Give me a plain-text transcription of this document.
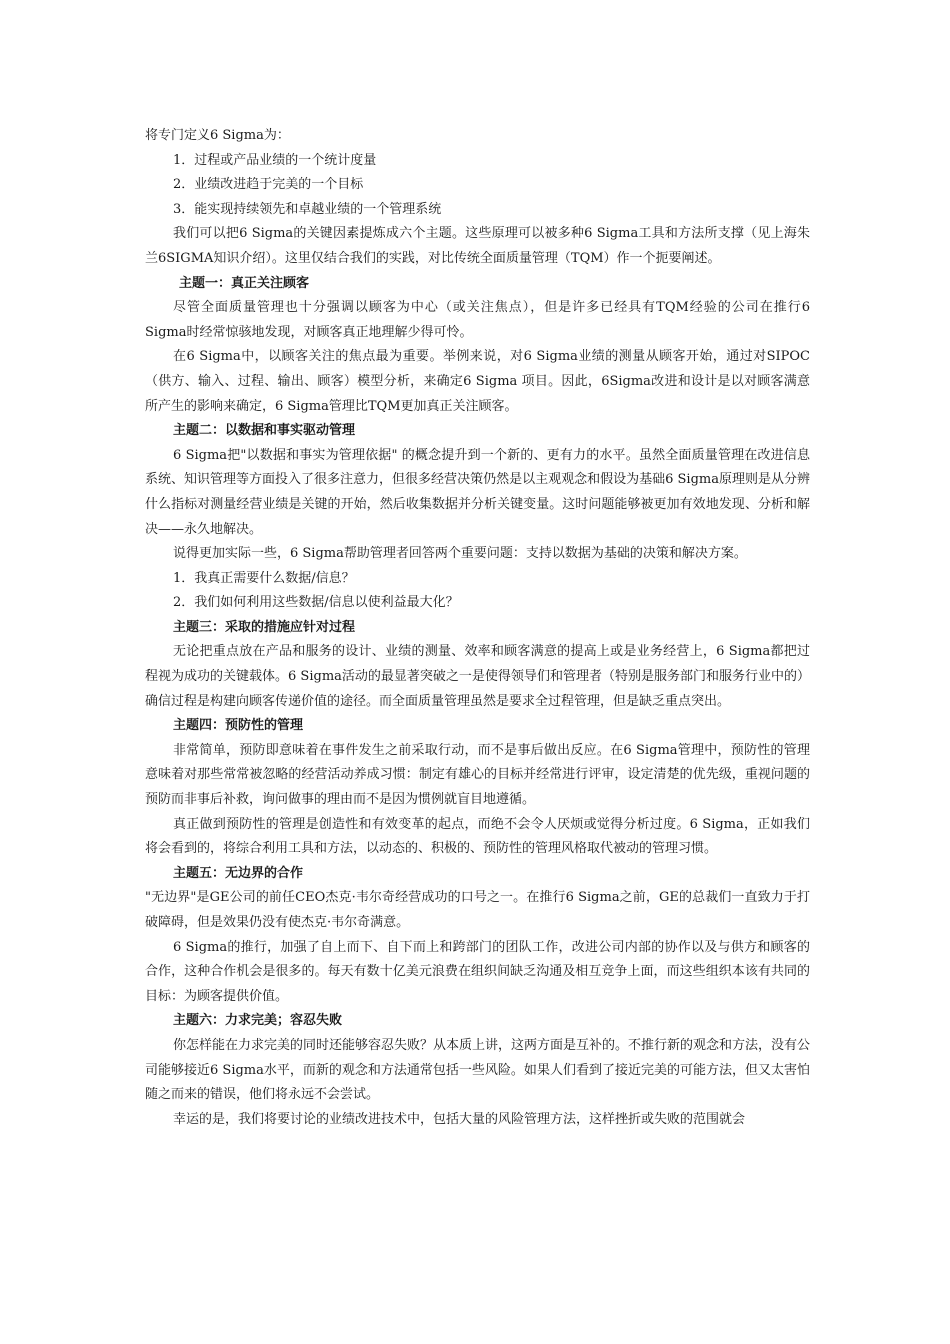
将专门定义6 Sigma为：

1．过程或产品业绩的一个统计度量

2．业绩改进趋于完美的一个目标

3．能实现持续领先和卓越业绩的一个管理系统

我们可以把6 Sigma的关键因素提炼成六个主题。这些原理可以被多种6 Sigma工具和方法所支撑（见上海朱兰6SIGMA知识介绍）。这里仅结合我们的实践，对比传统全面质量管理（TQM）作一个扼要阐述。

主题一：真正关注顾客

尽管全面质量管理也十分强调以顾客为中心（或关注焦点），但是许多已经具有TQM经验的公司在推行6 Sigma时经常惊骇地发现，对顾客真正地理解少得可怜。

在6 Sigma中，以顾客关注的焦点最为重要。举例来说，对6 Sigma业绩的测量从顾客开始，通过对SIPOC（供方、输入、过程、输出、顾客）模型分析，来确定6 Sigma 项目。因此，6Sigma改进和设计是以对顾客满意所产生的影响来确定，6 Sigma管理比TQM更加真正关注顾客。

主题二：以数据和事实驱动管理

6 Sigma把"以数据和事实为管理依据" 的概念提升到一个新的、更有力的水平。虽然全面质量管理在改进信息系统、知识管理等方面投入了很多注意力，但很多经营决策仍然是以主观观念和假设为基础6 Sigma原理则是从分辨什么指标对测量经营业绩是关键的开始，然后收集数据并分析关键变量。这时问题能够被更加有效地发现、分析和解决——永久地解决。

说得更加实际一些，6 Sigma帮助管理者回答两个重要问题：支持以数据为基础的决策和解决方案。

1．我真正需要什么数据/信息？

2．我们如何利用这些数据/信息以使利益最大化？

主题三：采取的措施应针对过程

无论把重点放在产品和服务的设计、业绩的测量、效率和顾客满意的提高上或是业务经营上，6 Sigma都把过程视为成功的关键载体。6 Sigma活动的最显著突破之一是使得领导们和管理者（特别是服务部门和服务行业中的）确信过程是构建向顾客传递价值的途径。而全面质量管理虽然是要求全过程管理，但是缺乏重点突出。

主题四：预防性的管理

非常简单，预防即意味着在事件发生之前采取行动，而不是事后做出反应。在6 Sigma管理中，预防性的管理意味着对那些常常被忽略的经营活动养成习惯：制定有雄心的目标并经常进行评审，设定清楚的优先级，重视问题的预防而非事后补救，询问做事的理由而不是因为惯例就盲目地遵循。

真正做到预防性的管理是创造性和有效变革的起点，而绝不会令人厌烦或觉得分析过度。6 Sigma，正如我们将会看到的，将综合利用工具和方法，以动态的、积极的、预防性的管理风格取代被动的管理习惯。

主题五：无边界的合作

"无边界"是GE公司的前任CEO杰克·韦尔奇经营成功的口号之一。在推行6 Sigma之前，GE的总裁们一直致力于打破障碍，但是效果仍没有使杰克·韦尔奇满意。

6 Sigma的推行，加强了自上而下、自下而上和跨部门的团队工作，改进公司内部的协作以及与供方和顾客的合作，这种合作机会是很多的。每天有数十亿美元浪费在组织间缺乏沟通及相互竞争上面，而这些组织本该有共同的目标：为顾客提供价值。

主题六：力求完美；容忍失败

你怎样能在力求完美的同时还能够容忍失败？从本质上讲，这两方面是互补的。不推行新的观念和方法，没有公司能够接近6 Sigma水平，而新的观念和方法通常包括一些风险。如果人们看到了接近完美的可能方法，但又太害怕随之而来的错误，他们将永远不会尝试。

幸运的是，我们将要讨论的业绩改进技术中，包括大量的风险管理方法，这样挫折或失败的范围就会
